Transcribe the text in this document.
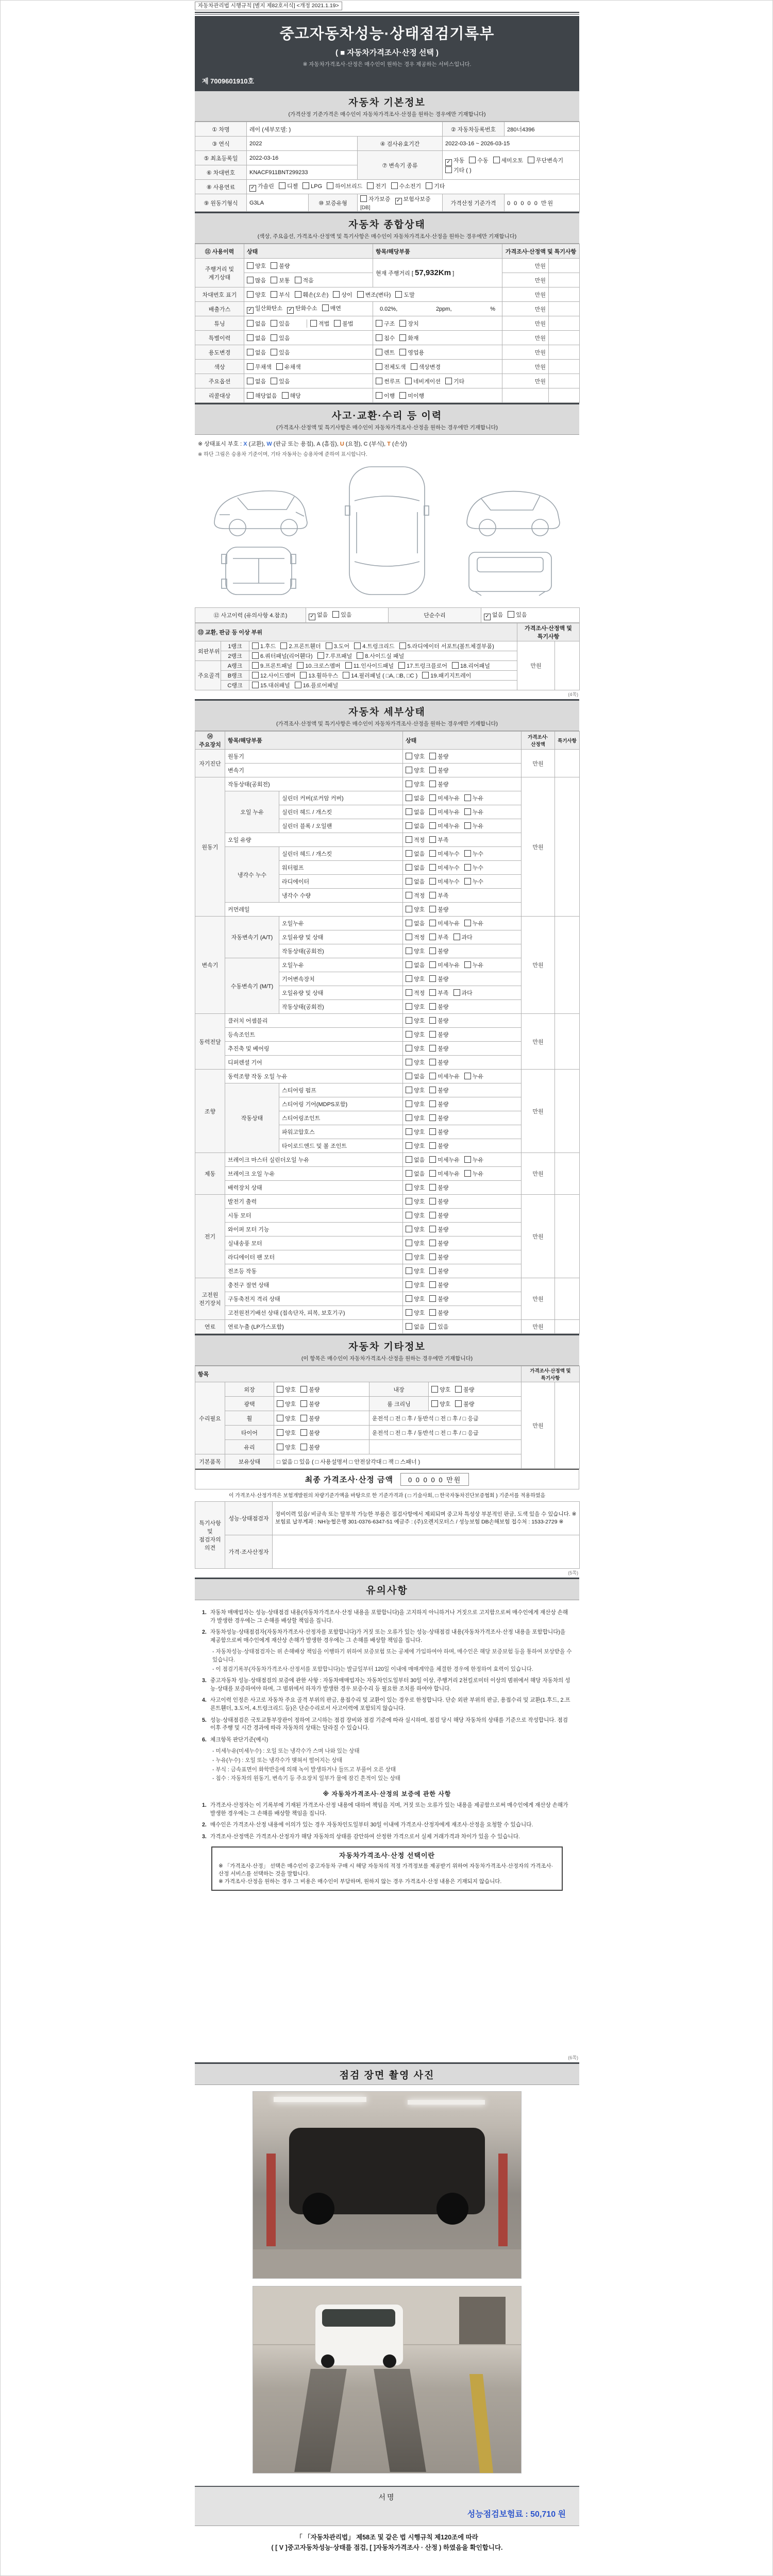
자동차관리법 시행규칙 [별지 제82호서식] <개정 2021.1.19>
중고자동차성능·상태점검기록부
( ■ 자동차가격조사·산정 선택 )
※ 자동차가격조사·산정은 매수인이 원하는 경우 제공하는 서비스입니다.
제 7009601910호
자동차 기본정보
(가격산정 기준가격은 매수인이 자동차가격조사·산정을 원하는 경우에만 기재합니다)
① 차명	레이 (세부모델: )			② 자동차등록번호	280너4396
③ 연식	2022		④ 검사유효기간	2022-03-16 ~ 2026-03-15	
⑤ 최초등록일	2022-03-16		⑦ 변속기 종류	✓ 자동 수동 세미오토 무단변속기기타 ( )	
⑥ 차대번호	KNACF911BNT299233				
⑧ 사용연료	✓ 가솔린 디젤 LPG 하이브리드 전기 수소전기 기타				
⑨ 원동기형식	G3LA	⑩ 보증유형	자가보증 ✓ 보험사보증[DB]	가격산정 기준가격	0 0 0 0 0 만원
자동차 종합상태
(색상, 주요옵션, 가격조사·산정액 및 특기사항은 매수인이 자동차가격조사·산정을 원하는 경우에만 기재합니다)
⑪ 사용이력	상태	항목/해당부품	가격조사·산정액 및 특기사항	
주행거리 및 계기상태	양호 불량	현재 주행거리 [ 57,932Km ]	만원	
	많음 보통 적음		만원	
차대번호 표기	양호 부식 훼손(오손) 상이 변조(변타) 도말		만원	
배출가스	✓ 일산화탄소 ✓ 탄화수소 매연	0.02%, 2ppm, %	만원	
튜닝	없음 있음 적법 불법	구조 장치	만원	
특별이력	없음 있음	침수 화재	만원	
용도변경	없음 있음	렌트 영업용	만원	
색상	무채색 유채색	전체도색 색상변경	만원	
주요옵션	없음 있음	썬루프 네비게이션 기타	만원	
리콜대상	해당없음 해당	이행 미이행		
사고·교환·수리 등 이력
(가격조사·산정액 및 특기사항은 매수인이 자동차가격조사·산정을 원하는 경우에만 기재합니다)
※ 상태표시 부호 : X (교환), W (판금 또는 용접), A (흠집), U (요철), C (부식), T (손상)
※ 하단 그림은 승용차 기준이며, 기타 자동차는 승용차에 준하여 표시합니다.
⑫ 사고이력 (유의사항 4.참조)	✓ 없음 있음	단순수리	✓ 없음 있음
⑬ 교환, 판금 등 이상 부위			가격조사·산정액 및 특기사항	
외판부위	1랭크	1.후드 2.프론트휀더 3.도어 4.트렁크리드 5.라디에이터 서포트(볼트체결부품)	만원	
	2랭크	6.쿼터패널(리어휀다) 7.루프패널 8.사이드실 패널		
주요골격	A랭크	9.프론트패널 10.크로스멤버 11.인사이드패널 17.트렁크플로어 18.리어패널		
	B랭크	12.사이드멤버 13.휠하우스 14.필러패널 ( □A, □B, □C ) 19.패키지트레이		
	C랭크	15.대쉬패널 16.플로어패널		
(4쪽)
자동차 세부상태
(가격조사·산정액 및 특기사항은 매수인이 자동차가격조사·산정을 원하는 경우에만 기재합니다)
⑭ 주요장치	항목/해당부품		상태	가격조사·산정액	특기사항
자기진단	원동기		양호 불량	만원	
	변속기		양호 불량		
원동기	작동상태(공회전)		양호 불량	만원	
	오일 누유	실린더 커버(로커암 커버)	없음 미세누유 누유		
		실린더 헤드 / 개스킷	없음 미세누유 누유		
		실린더 블록 / 오일팬	없음 미세누유 누유		
	오일 유량		적정 부족		
	냉각수 누수	실린더 헤드 / 개스킷	없음 미세누수 누수		
		워터펌프	없음 미세누수 누수		
		라디에이터	없음 미세누수 누수		
		냉각수 수량	적정 부족		
	커먼레일		양호 불량		
변속기	자동변속기 (A/T)	오일누유	없음 미세누유 누유	만원	
		오일유량 및 상태	적정 부족 과다		
		작동상태(공회전)	양호 불량		
	수동변속기 (M/T)	오일누유	없음 미세누유 누유		
		기어변속장치	양호 불량		
		오일유량 및 상태	적정 부족 과다		
		작동상태(공회전)	양호 불량		
동력전달	클러치 어셈블리		양호 불량	만원	
	등속조인트		양호 불량		
	추진축 및 베어링		양호 불량		
	디퍼렌셜 기어		양호 불량		
조향	동력조향 작동 오일 누유		없음 미세누유 누유	만원	
	작동상태	스티어링 펌프	양호 불량		
		스티어링 기어(MDPS포함)	양호 불량		
		스티어링조인트	양호 불량		
		파워고압호스	양호 불량		
		타이로드엔드 및 볼 조인트	양호 불량		
제동	브레이크 마스터 실린더오일 누유		없음 미세누유 누유	만원	
	브레이크 오일 누유		없음 미세누유 누유		
	배력장치 상태		양호 불량		
전기	발전기 출력		양호 불량	만원	
	시동 모터		양호 불량		
	와이퍼 모터 기능		양호 불량		
	실내송풍 모터		양호 불량		
	라디에이터 팬 모터		양호 불량		
	전조등 작동		양호 불량		
고전원 전기장치	충전구 절연 상태		양호 불량	만원	
	구동축전지 격리 상태		양호 불량		
	고전원전기배선 상태 (접속단자, 피복, 보호기구)		양호 불량		
연료	연료누출 (LP가스포함)		없음 있음	만원	
자동차 기타정보
(이 항목은 매수인이 자동차가격조사·산정을 원하는 경우에만 기재합니다)
항목					가격조사·산정액 및 특기사항	
수리필요	외장	양호 불량	내장	양호 불량	만원	
	광택	양호 불량	룸 크리닝	양호 불량		
	휠	양호 불량	운전석 □ 전 □ 후 / 동반석 □ 전 □ 후 / □ 응급			
	타이어	양호 불량	운전석 □ 전 □ 후 / 동반석 □ 전 □ 후 / □ 응급			
	유리	양호 불량				
기본품목	보유상태	□ 없음 □ 있음 ( □ 사용설명서 □ 안전삼각대 □ 잭 □ 스패너 )				
최종 가격조사·산정 금액	0 0 0 0 0 만원
이 가격조사·산정가격은 보험개발원의 차량기준가액을 바탕으로 한 기준가격과 ( □ 기술사회, □ 한국자동차진단보증협회 ) 기준서를 적용하였음
특기사항 및 점검자의 의견	성능·상태점검자	정비이력 있음/ 비금속 또는 탈부착 가능한 부품은 점검사항에서 제외되며 중고차 특성상 부분적인 판금, 도색 있을 수 있습니다. ※보험료 납부계좌 : NH농협은행 301-0376-6347-51 예금주 : (주)오렌지모터스 / 성능보험 DB손해보험 접수처 : 1533-2729 ※
	가격·조사산정자	
(5쪽)
유의사항
1. 자동차 매매업자는 성능·상태점검 내용(자동차가격조사·산정 내용을 포함합니다)을 고지하지 아니하거나 거짓으로 고지함으로써 매수인에게 재산상 손해가 발생한 경우에는 그 손해를 배상할 책임을 집니다.
2. 자동차성능·상태점검자(자동차가격조사·산정자를 포함합니다)가 거짓 또는 오류가 있는 성능·상태점검 내용(자동차가격조사·산정 내용을 포함합니다)을 제공함으로써 매수인에게 재산상 손해가 발생한 경우에는 그 손해를 배상할 책임을 집니다.
- 자동차성능·상태점검자는 위 손해배상 책임을 이행하기 위하여 보증보험 또는 공제에 가입하여야 하며, 매수인은 해당 보증보험 등을 통하여 보상받을 수 있습니다.
- 이 점검기록부(자동차가격조사·산정서를 포함합니다)는 발급일부터 120일 이내에 매매계약을 체결한 경우에 한정하여 효력이 있습니다.
3. 중고자동차 성능·상태점검의 보증에 관한 사항 : 자동차매매업자는 자동차인도일부터 30일 이상, 주행거리 2천킬로미터 이상의 범위에서 해당 자동차의 성능·상태를 보증하여야 하며, 그 범위에서 하자가 발생한 경우 보증수리 등 필요한 조치를 하여야 합니다.
4. 사고이력 인정은 사고로 자동차 주요 골격 부위의 판금, 용접수리 및 교환이 있는 경우로 한정합니다. 단순 외판 부위의 판금, 용접수리 및 교환(1.후드, 2.프론트휀더, 3.도어, 4.트렁크리드 등)은 단순수리로서 사고이력에 포함되지 않습니다.
5. 성능·상태점검은 국토교통부장관이 정하여 고시하는 점검 장비와 점검 기준에 따라 실시하며, 점검 당시 해당 자동차의 상태를 기준으로 작성합니다. 점검 이후 주행 및 시간 경과에 따라 자동차의 상태는 달라질 수 있습니다.
6. 체크항목 판단기준(예시)
- 미세누유(미세누수) : 오일 또는 냉각수가 스며 나와 있는 상태
- 누유(누수) : 오일 또는 냉각수가 맺혀서 떨어지는 상태
- 부식 : 금속표면이 화학반응에 의해 녹이 발생하거나 들뜨고 부풀어 오른 상태
- 침수 : 자동차의 원동기, 변속기 등 주요장치 일부가 물에 잠긴 흔적이 있는 상태
※ 자동차가격조사·산정의 보증에 관한 사항
1. 가격조사·산정자는 이 기록부에 기재된 가격조사·산정 내용에 대하여 책임을 지며, 거짓 또는 오류가 있는 내용을 제공함으로써 매수인에게 재산상 손해가 발생한 경우에는 그 손해를 배상할 책임을 집니다.
2. 매수인은 가격조사·산정 내용에 이의가 있는 경우 자동차인도일부터 30일 이내에 가격조사·산정자에게 재조사·산정을 요청할 수 있습니다.
3. 가격조사·산정액은 가격조사·산정자가 해당 자동차의 상태를 감안하여 산정한 가격으로서 실제 거래가격과 차이가 있을 수 있습니다.
자동차가격조사·산정 선택이란
※ 「가격조사·산정」 선택은 매수인이 중고자동차 구매 시 해당 자동차의 적정 가격정보를 제공받기 위하여 자동차가격조사·산정자의 가격조사·산정 서비스를 선택하는 것을 말합니다.
※ 가격조사·산정을 원하는 경우 그 비용은 매수인이 부담하며, 원하지 않는 경우 가격조사·산정 내용은 기재되지 않습니다.
(6쪽)
점검 장면 촬영 사진
서명
성능점검보험료 : 50,710 원
「 「자동차관리법」 제58조 및 같은 법 시행규칙 제120조에 따라
( [ V ]중고자동차성능·상태를 점검, [ ]자동차가격조사 · 산정 ) 하였음을 확인합니다.
